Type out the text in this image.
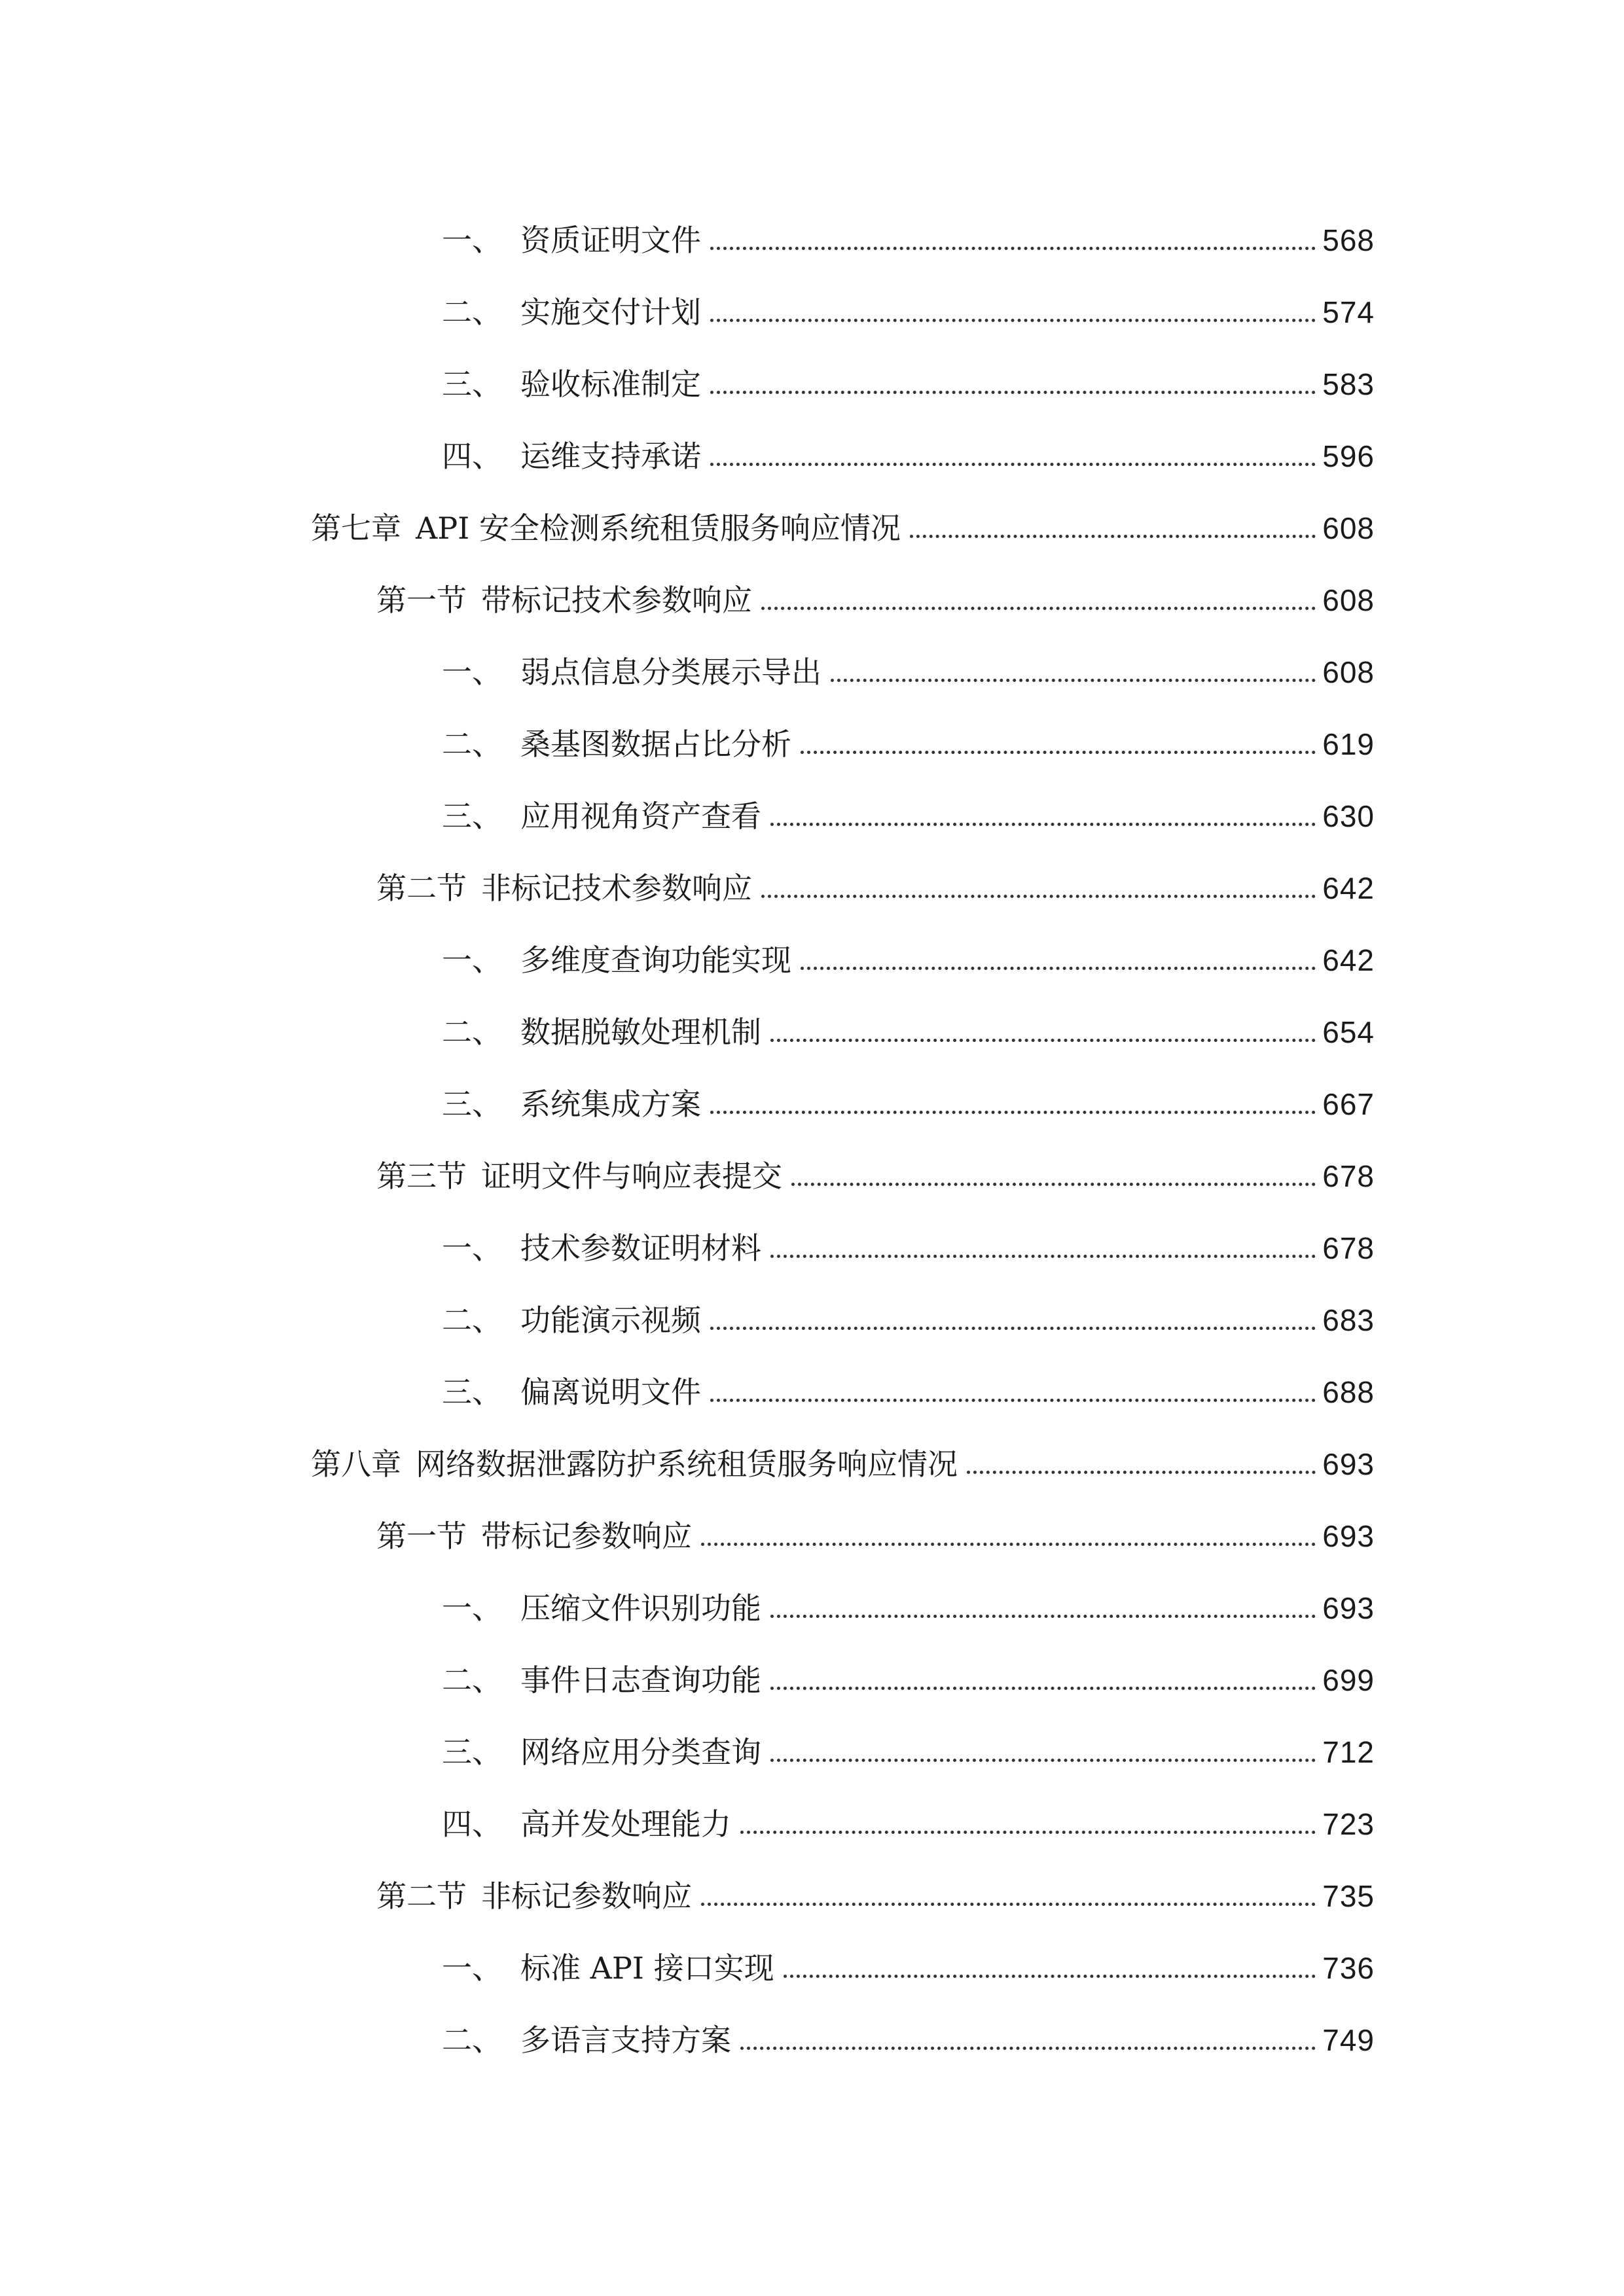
一、 资质证明文件	568
二、 实施交付计划	574
三、 验收标准制定	583
四、 运维支持承诺	596
第七章 API 安全检测系统租赁服务响应情况	608
第一节 带标记技术参数响应	608
一、 弱点信息分类展示导出	608
二、 桑基图数据占比分析	619
三、 应用视角资产查看	630
第二节 非标记技术参数响应	642
一、 多维度查询功能实现	642
二、 数据脱敏处理机制	654
三、 系统集成方案	667
第三节 证明文件与响应表提交	678
一、 技术参数证明材料	678
二、 功能演示视频	683
三、 偏离说明文件	688
第八章 网络数据泄露防护系统租赁服务响应情况	693
第一节 带标记参数响应	693
一、 压缩文件识别功能	693
二、 事件日志查询功能	699
三、 网络应用分类查询	712
四、 高并发处理能力	723
第二节 非标记参数响应	735
一、 标准 API 接口实现	736
二、 多语言支持方案	749
